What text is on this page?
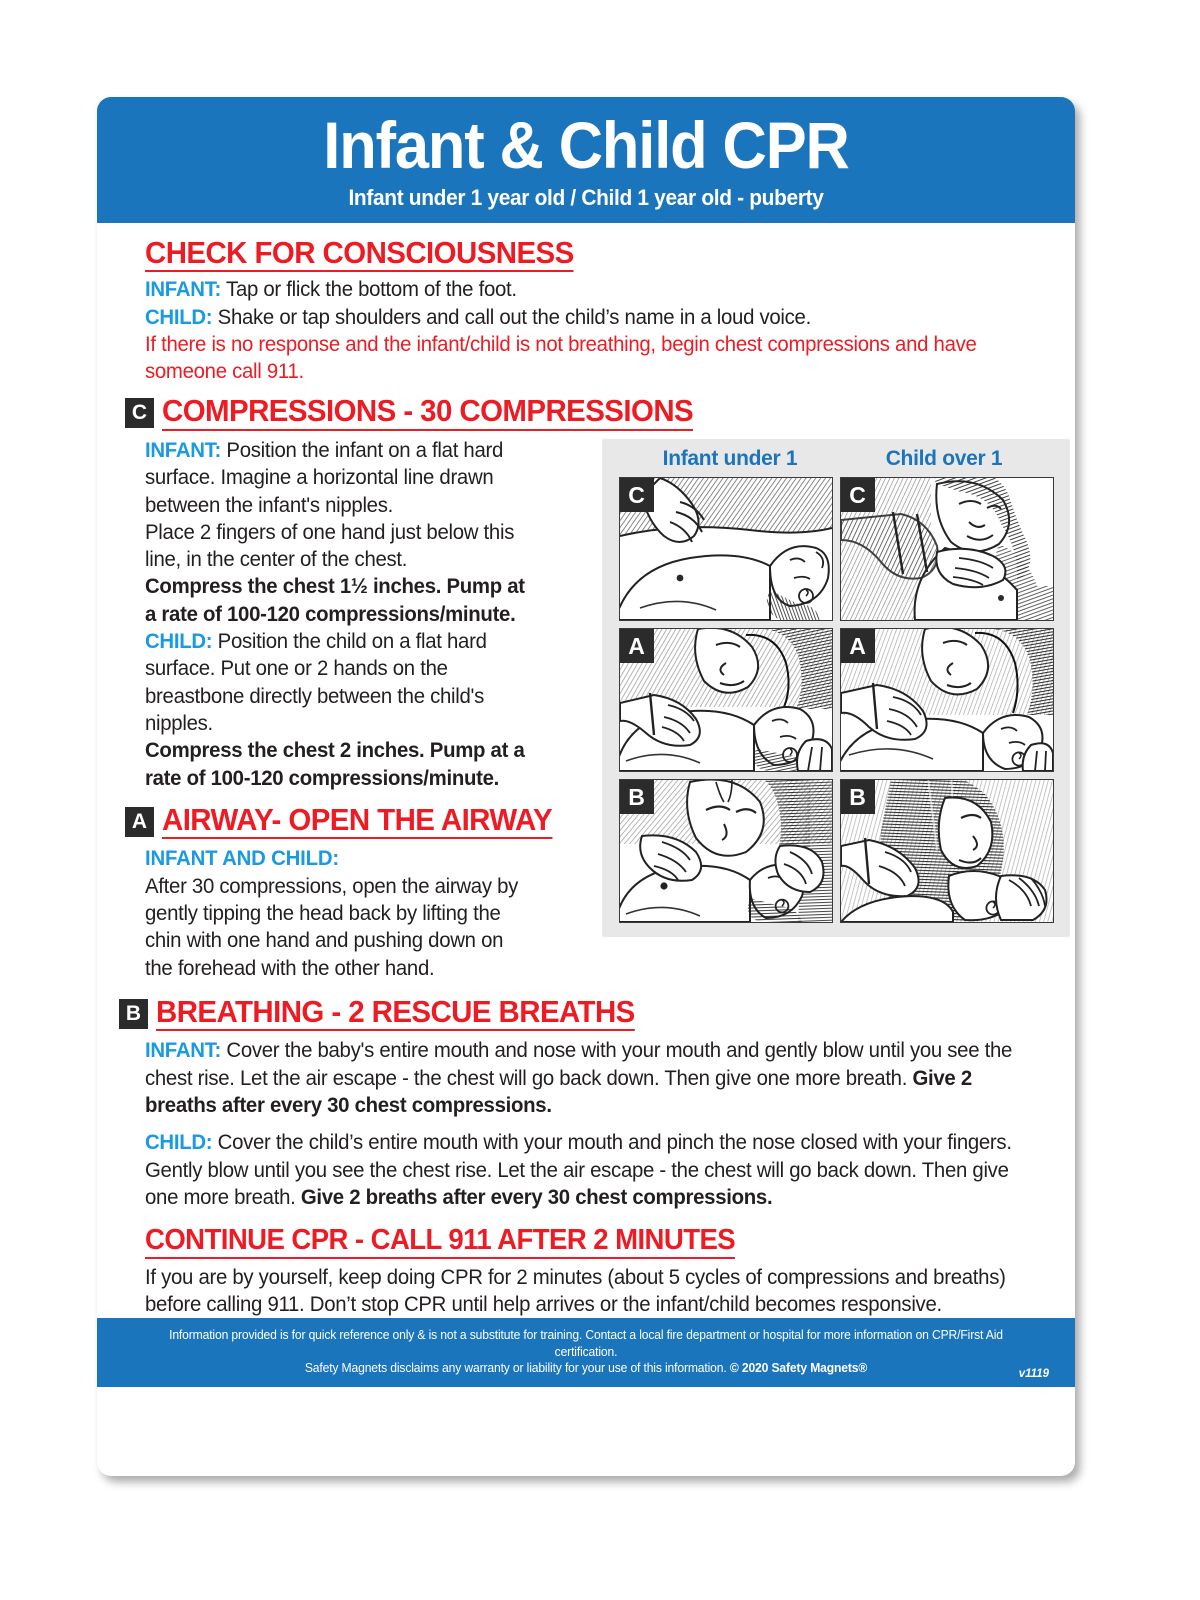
Infant & Child CPR
Infant under 1 year old / Child 1 year old - puberty
CHECK FOR CONSCIOUSNESS

INFANT: Tap or flick the bottom of the foot.

CHILD: Shake or tap shoulders and call out the child’s name in a loud voice.

If there is no response and the infant/child is not breathing, begin chest compressions and have someone call 911.

C COMPRESSIONS - 30 COMPRESSIONS

INFANT: Position the infant on a flat hard surface. Imagine a horizontal line drawn between the infant's nipples.

Place 2 fingers of one hand just below this line, in the center of the chest.

Compress the chest 1½ inches. Pump at a rate of 100-120 compressions/minute.

CHILD: Position the child on a flat hard surface. Put one or 2 hands on the breastbone directly between the child's nipples.

Compress the chest 2 inches. Pump at a rate of 100-120 compressions/minute.

Infant under 1	Child over 1
C	C
A	A
B	B
A AIRWAY- OPEN THE AIRWAY

INFANT AND CHILD:

After 30 compressions, open the airway by gently tipping the head back by lifting the chin with one hand and pushing down on the forehead with the other hand.

B BREATHING - 2 RESCUE BREATHS

INFANT: Cover the baby's entire mouth and nose with your mouth and gently blow until you see the chest rise. Let the air escape - the chest will go back down. Then give one more breath. Give 2 breaths after every 30 chest compressions.

CHILD: Cover the child’s entire mouth with your mouth and pinch the nose closed with your fingers. Gently blow until you see the chest rise. Let the air escape - the chest will go back down. Then give one more breath. Give 2 breaths after every 30 chest compressions.

CONTINUE CPR - CALL 911 AFTER 2 MINUTES

If you are by yourself, keep doing CPR for 2 minutes (about 5 cycles of compressions and breaths) before calling 911. Don’t stop CPR until help arrives or the infant/child becomes responsive.

Information provided is for quick reference only & is not a substitute for training. Contact a local fire department or hospital for more information on CPR/First Aid certification.
Safety Magnets disclaims any warranty or liability for your use of this information. © 2020 Safety Magnets®	v1119
